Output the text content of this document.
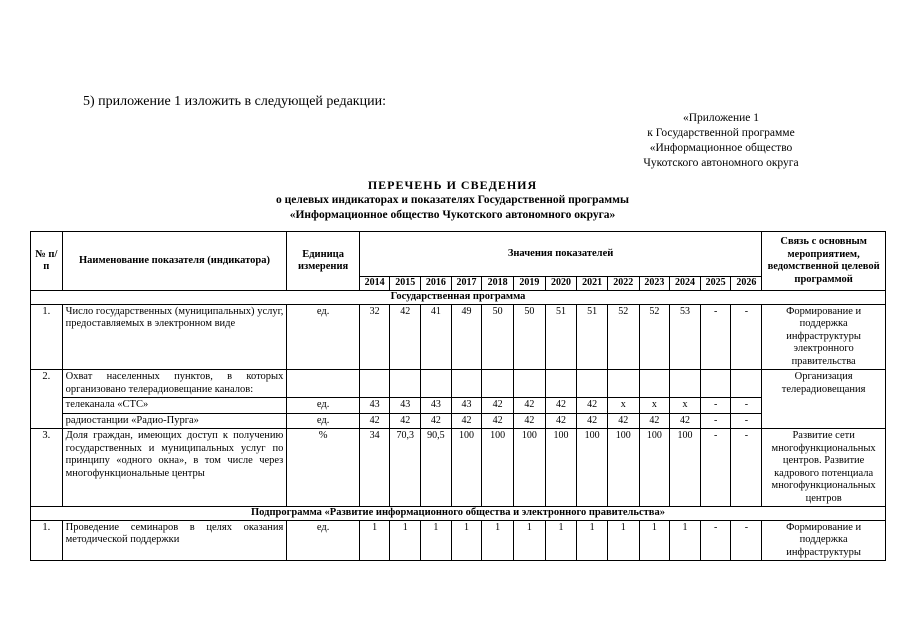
5) приложение 1 изложить в следующей редакции:
«Приложение 1
к Государственной программе
«Информационное общество
Чукотского автономного округа
ПЕРЕЧЕНЬ И СВЕДЕНИЯ
о целевых индикаторах и показателях Государственной программы
«Информационное общество Чукотского автономного округа»
№ п/п	Наименование показателя (индикатора)	Единица измерения	Значения показателей													Связь с основным мероприятием, ведомственной целевой программой
			2014	2015	2016	2017	2018	2019	2020	2021	2022	2023	2024	2025	2026	
Государственная программа																
1.	Число государственных (муниципальных) услуг, предоставляемых в электронном виде	ед.	32	42	41	49	50	50	51	51	52	52	53	-	-	Формирование и поддержка инфраструктуры электронного правительства
2.	Охват населенных пунктов, в которых организовано телерадиовещание каналов:															Организация телерадиовещания
	телеканала «СТС»	ед.	43	43	43	43	42	42	42	42	х	х	х	-	-	
	радиостанции «Радио-Пурга»	ед.	42	42	42	42	42	42	42	42	42	42	42	-	-	
3.	Доля граждан, имеющих доступ к получению государственных и муниципальных услуг по принципу «одного окна», в том числе через многофункциональные центры	%	34	70,3	90,5	100	100	100	100	100	100	100	100	-	-	Развитие сети многофункциональных центров. Развитие кадрового потенциала многофункциональных центров
Подпрограмма «Развитие информационного общества и электронного правительства»																
1.	Проведение семинаров в целях оказания методической поддержки	ед.	1	1	1	1	1	1	1	1	1	1	1	-	-	Формирование и поддержка инфраструктуры
